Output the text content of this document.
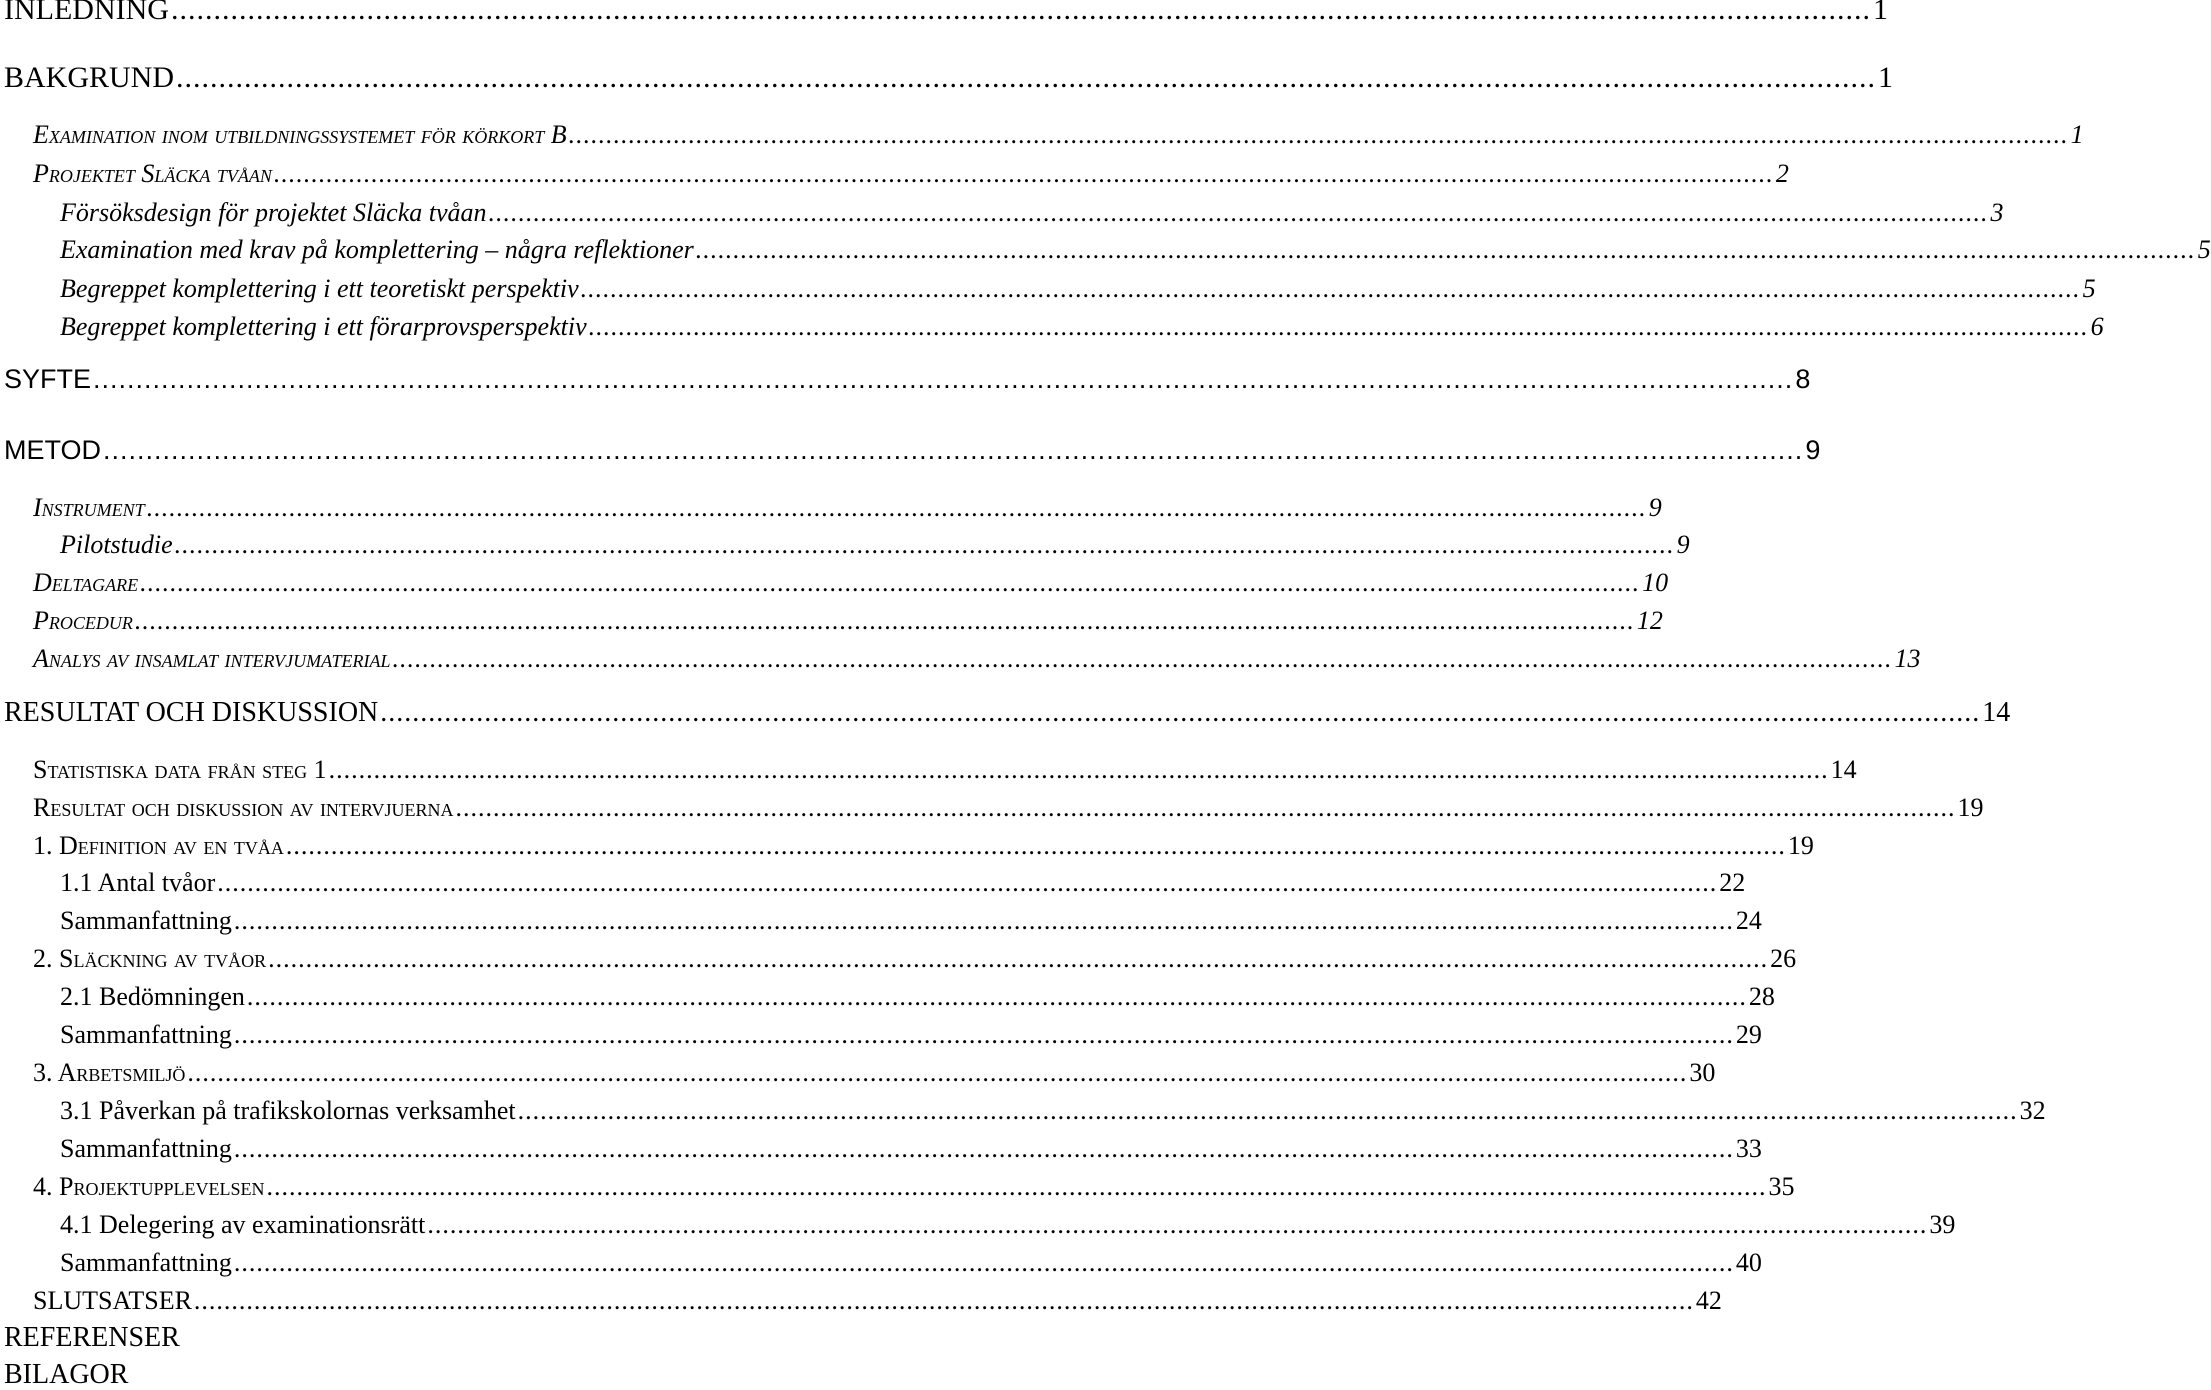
INLEDNING ........................................................................................................................................................................................................ 1
BAKGRUND ........................................................................................................................................................................................................ 1
Examination inom utbildningssystemet för körkort B ........................................................................................................................................................................................................ 1
Projektet Släcka tvåan ........................................................................................................................................................................................................ 2
Försöksdesign för projektet Släcka tvåan ........................................................................................................................................................................................................ 3
Examination med krav på komplettering – några reflektioner ........................................................................................................................................................................................................ 5
Begreppet komplettering i ett teoretiskt perspektiv ........................................................................................................................................................................................................ 5
Begreppet komplettering i ett förarprovsperspektiv ........................................................................................................................................................................................................ 6
SYFTE ........................................................................................................................................................................................................ 8
METOD ........................................................................................................................................................................................................ 9
Instrument ........................................................................................................................................................................................................ 9
Pilotstudie ........................................................................................................................................................................................................ 9
Deltagare ........................................................................................................................................................................................................ 10
Procedur ........................................................................................................................................................................................................ 12
Analys av insamlat intervjumaterial ........................................................................................................................................................................................................ 13
RESULTAT OCH DISKUSSION ........................................................................................................................................................................................................ 14
Statistiska data från steg 1 ........................................................................................................................................................................................................ 14
Resultat och diskussion av intervjuerna ........................................................................................................................................................................................................ 19
1. Definition av en tvåa ........................................................................................................................................................................................................ 19
1.1 Antal tvåor ........................................................................................................................................................................................................ 22
Sammanfattning ........................................................................................................................................................................................................ 24
2. Släckning av tvåor ........................................................................................................................................................................................................ 26
2.1 Bedömningen ........................................................................................................................................................................................................ 28
Sammanfattning ........................................................................................................................................................................................................ 29
3. Arbetsmiljö ........................................................................................................................................................................................................ 30
3.1 Påverkan på trafikskolornas verksamhet ........................................................................................................................................................................................................ 32
Sammanfattning ........................................................................................................................................................................................................ 33
4. Projektupplevelsen ........................................................................................................................................................................................................ 35
4.1 Delegering av examinationsrätt ........................................................................................................................................................................................................ 39
Sammanfattning ........................................................................................................................................................................................................ 40
SLUTSATSER ........................................................................................................................................................................................................ 42
REFERENSER
BILAGOR
